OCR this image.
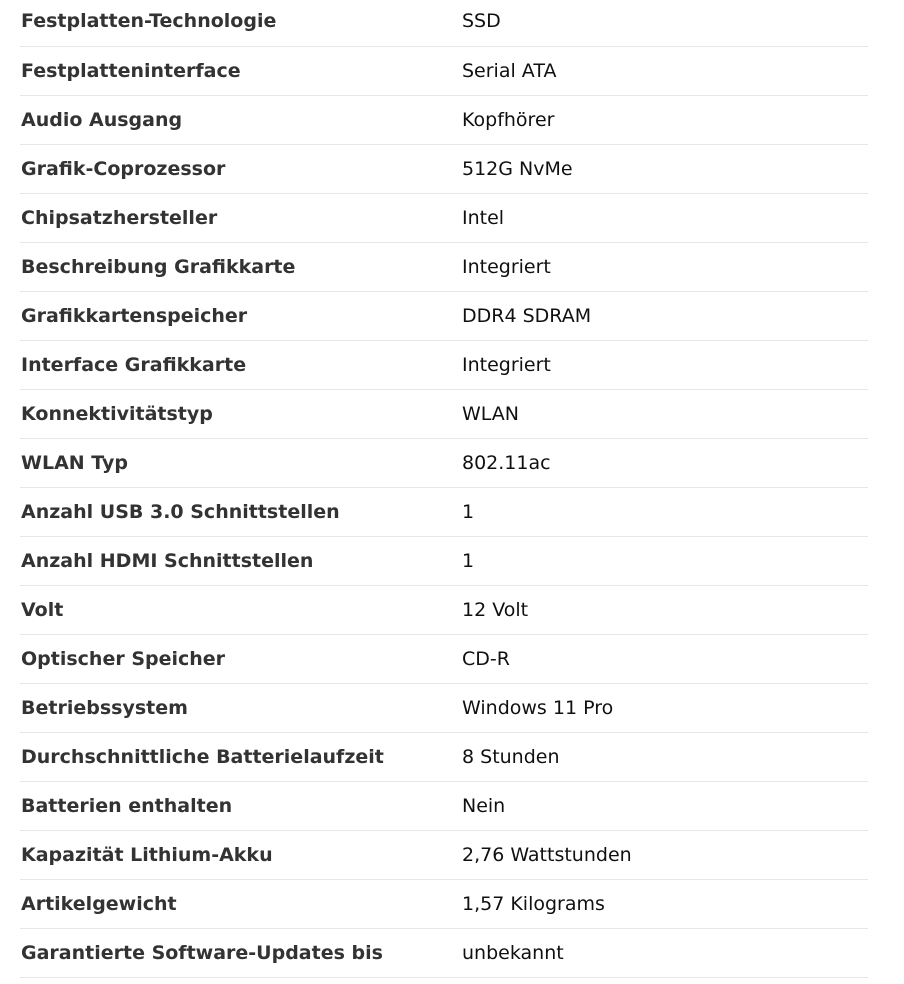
Festplatten-Technologie	SSD
Festplatteninterface	Serial ATA
Audio Ausgang	Kopfhörer
Grafik-Coprozessor	512G NvMe
Chipsatzhersteller	Intel
Beschreibung Grafikkarte	Integriert
Grafikkartenspeicher	DDR4 SDRAM
Interface Grafikkarte	Integriert
Konnektivitätstyp	WLAN
WLAN Typ	802.11ac
Anzahl USB 3.0 Schnittstellen	1
Anzahl HDMI Schnittstellen	1
Volt	12 Volt
Optischer Speicher	CD-R
Betriebssystem	Windows 11 Pro
Durchschnittliche Batterielaufzeit	8 Stunden
Batterien enthalten	Nein
Kapazität Lithium-Akku	2,76 Wattstunden
Artikelgewicht	1,57 Kilograms
Garantierte Software-Updates bis	unbekannt
